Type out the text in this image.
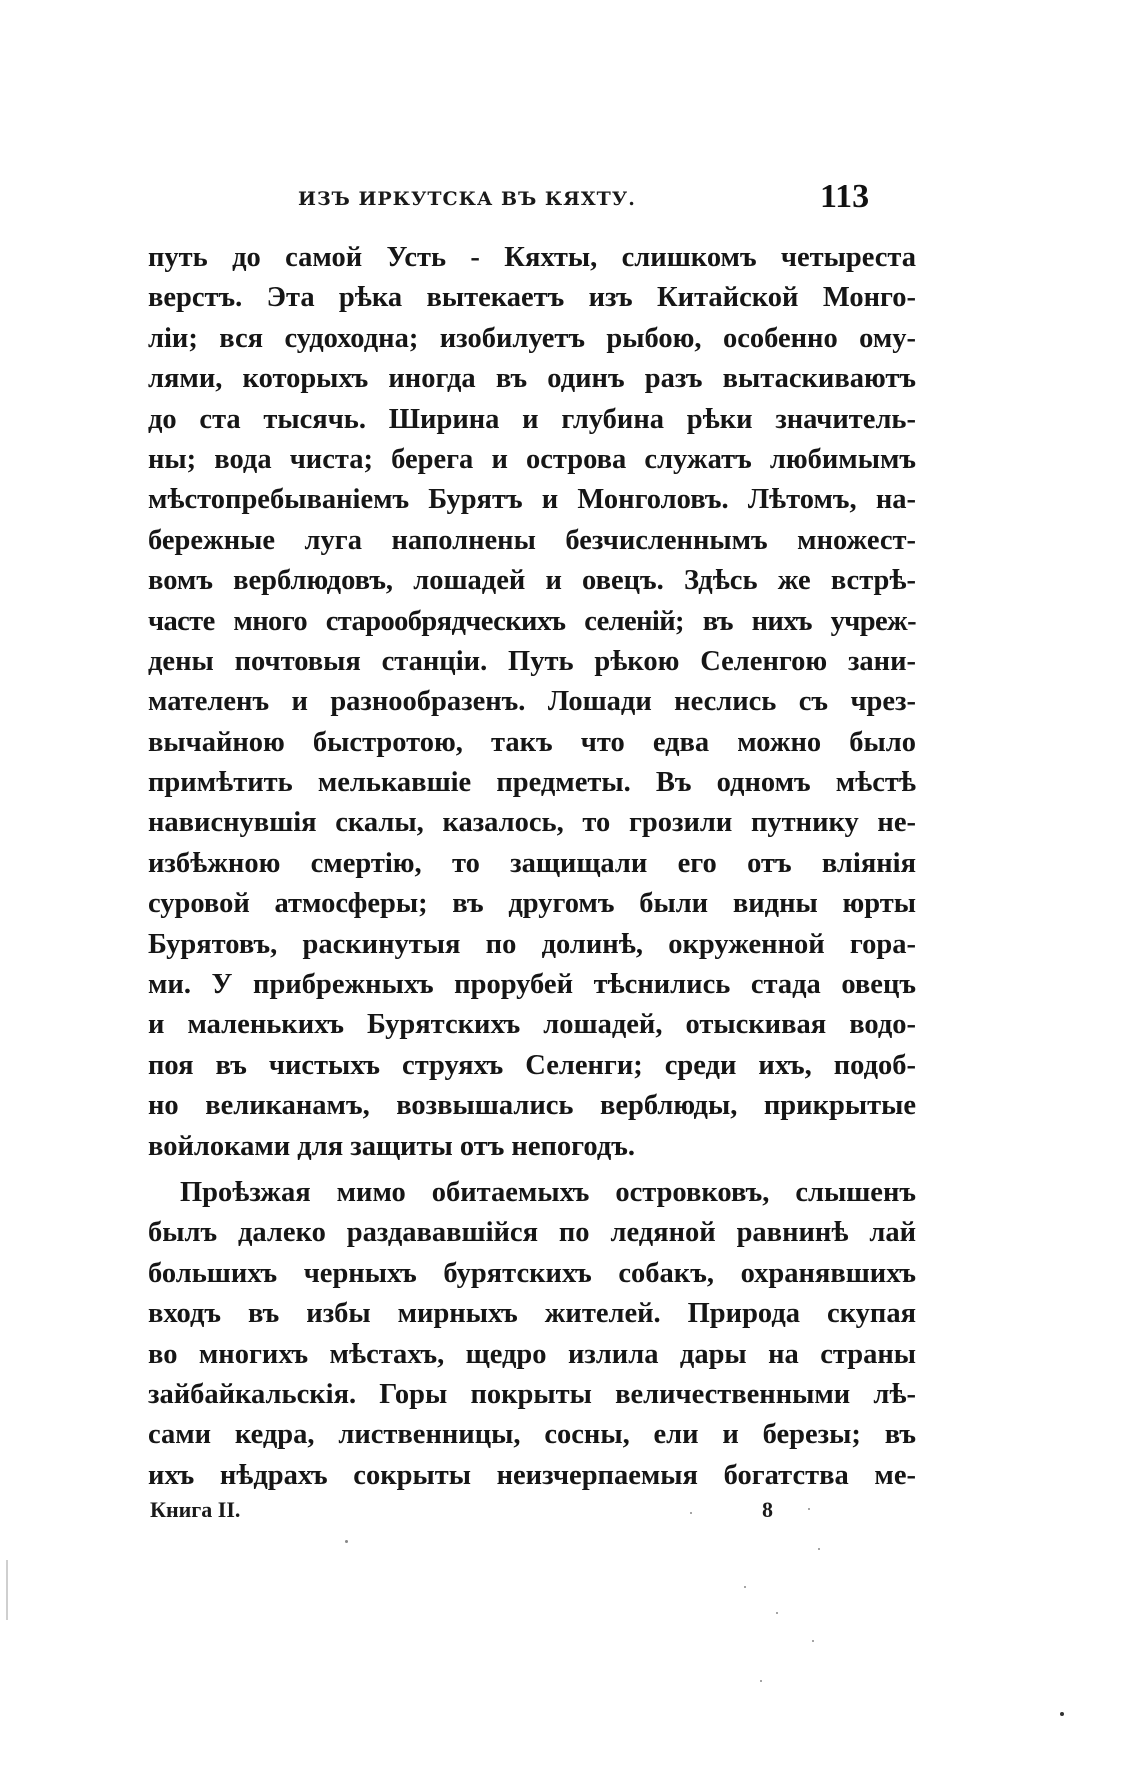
ИЗЪ ИРКУТСКА ВЪ КЯХТУ.	113
путь до самой Усть - Кяхты, слишкомъ четыреста
верстъ. Эта рѣка вытекаетъ изъ Китайской Монго-
ліи; вся судоходна; изобилуетъ рыбою, особенно ому-
лями, которыхъ иногда въ одинъ разъ вытаскиваютъ
до ста тысячь. Ширина и глубина рѣки значитель-
ны; вода чиста; берега и острова служатъ любимымъ
мѣстопребываніемъ Бурятъ и Монголовъ. Лѣтомъ, на-
бережные луга наполнены безчисленнымъ множест-
вомъ верблюдовъ, лошадей и овецъ. Здѣсь же встрѣ-
часте много старообрядческихъ селеній; въ нихъ учреж-
дены почтовыя станціи. Путь рѣкою Селенгою зани-
мателенъ и разнообразенъ. Лошади неслись съ чрез-
вычайною быстротою, такъ что едва можно было
примѣтить мелькавшіе предметы. Въ одномъ мѣстѣ
нависнувшія скалы, казалось, то грозили путнику не-
избѣжною смертію, то защищали его отъ вліянія
суровой атмосферы; въ другомъ были видны юрты
Бурятовъ, раскинутыя по долинѣ, окруженной гора-
ми. У прибрежныхъ прорубей тѣснились стада овецъ
и маленькихъ Бурятскихъ лошадей, отыскивая водо-
поя въ чистыхъ струяхъ Селенги; среди ихъ, подоб-
но великанамъ, возвышались верблюды, прикрытые
войлоками для защиты отъ непогодъ.
Проѣзжая мимо обитаемыхъ островковъ, слышенъ
былъ далеко раздававшійся по ледяной равнинѣ лай
большихъ черныхъ бурятскихъ собакъ, охранявшихъ
входъ въ избы мирныхъ жителей. Природа скупая
во многихъ мѣстахъ, щедро излила дары на страны
зайбайкальскія. Горы покрыты величественными лѣ-
сами кедра, лиственницы, сосны, ели и березы; въ
ихъ нѣдрахъ сокрыты неизчерпаемыя богатства ме-
Книга II.	8
